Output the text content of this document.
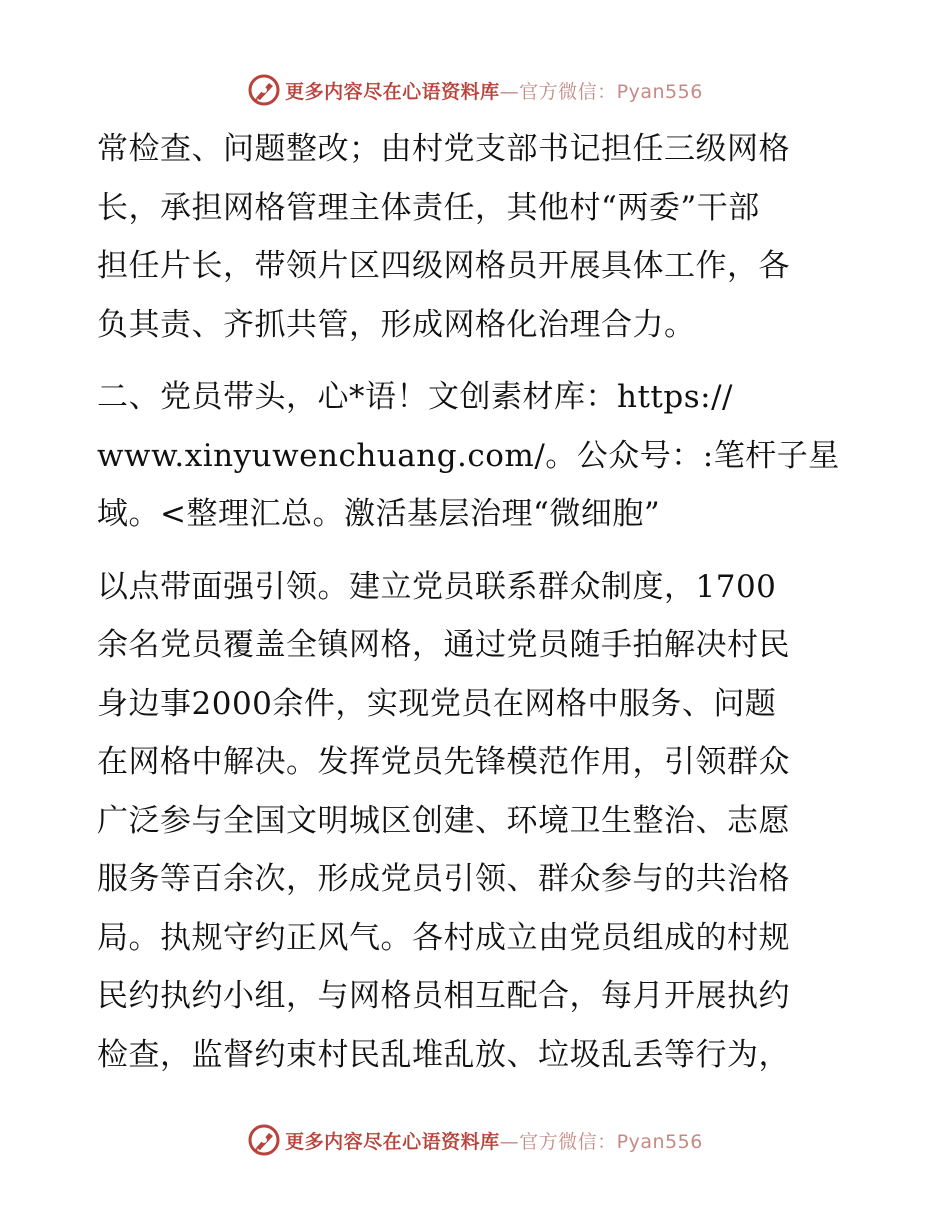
更多内容尽在心语资料库—官方微信：Pyan556
常检查、问题整改；由村党支部书记担任三级网格
长，承担网格管理主体责任，其他村“两委”干部
担任片长，带领片区四级网格员开展具体工作，各
负其责、齐抓共管，形成网格化治理合力。
二、党员带头，心*语！文创素材库：https://
www.xinyuwenchuang.com/。公众号：:笔杆子星
域。<整理汇总。激活基层治理“微细胞”
以点带面强引领。建立党员联系群众制度，1700
余名党员覆盖全镇网格，通过党员随手拍解决村民
身边事2000余件，实现党员在网格中服务、问题
在网格中解决。发挥党员先锋模范作用，引领群众
广泛参与全国文明城区创建、环境卫生整治、志愿
服务等百余次，形成党员引领、群众参与的共治格
局。执规守约正风气。各村成立由党员组成的村规
民约执约小组，与网格员相互配合，每月开展执约
检查，监督约束村民乱堆乱放、垃圾乱丢等行为，
更多内容尽在心语资料库—官方微信：Pyan556
